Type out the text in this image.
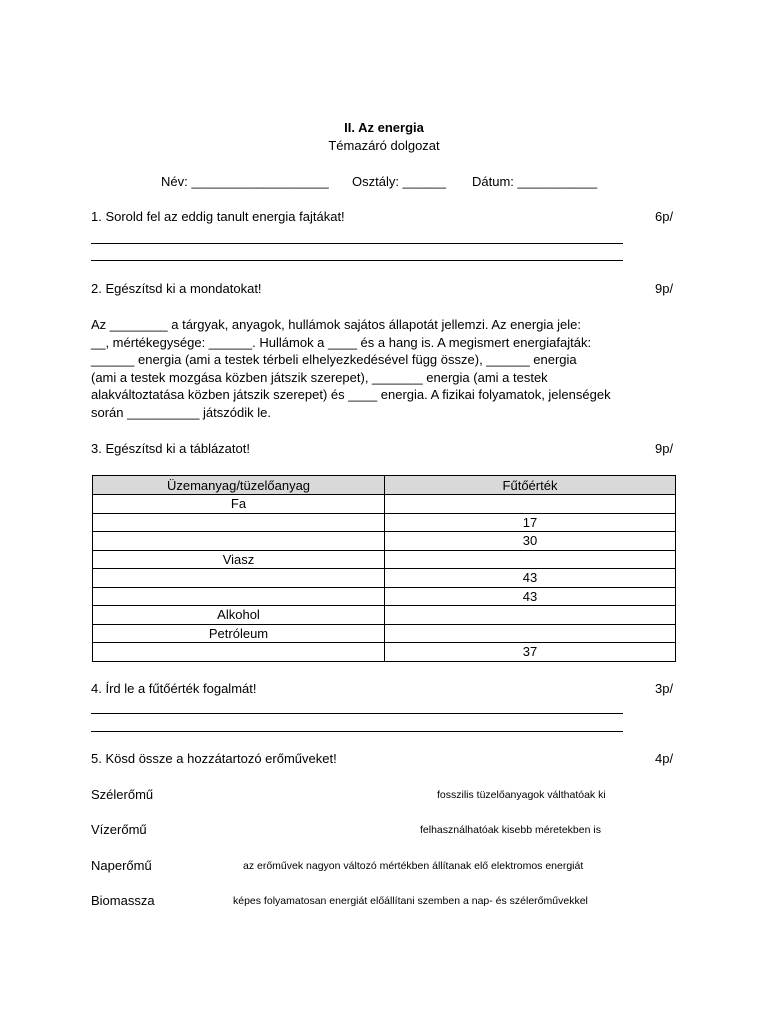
II. Az energia
Témazáró dolgozat
Név: ___________________ Osztály: ______ Dátum: ___________
1. Sorold fel az eddig tanult energia fajtákat!	6p/
2. Egészítsd ki a mondatokat!	9p/
Az ________ a tárgyak, anyagok, hullámok sajátos állapotát jellemzi. Az energia jele:
__, mértékegysége: ______. Hullámok a ____ és a hang is. A megismert energiafajták:
______ energia (ami a testek térbeli elhelyezkedésével függ össze), ______ energia
(ami a testek mozgása közben játszik szerepet), _______ energia (ami a testek
alakváltoztatása közben játszik szerepet) és ____ energia. A fizikai folyamatok, jelenségek
során __________ játszódik le.
3. Egészítsd ki a táblázatot!	9p/
Üzemanyag/tüzelőanyag	Fűtőérték
Fa	
	17
	30
Viasz	
	43
	43
Alkohol	
Petróleum	
	37
4. Írd le a fűtőérték fogalmát!	3p/
5. Kösd össze a hozzátartozó erőműveket!	4p/
Szélerőmű	fosszilis tüzelőanyagok válthatóak ki
Vízerőmű	felhasználhatóak kisebb méretekben is
Naperőmű	az erőművek nagyon változó mértékben állítanak elő elektromos energiát
Biomassza	képes folyamatosan energiát előállítani szemben a nap- és szélerőművekkel
